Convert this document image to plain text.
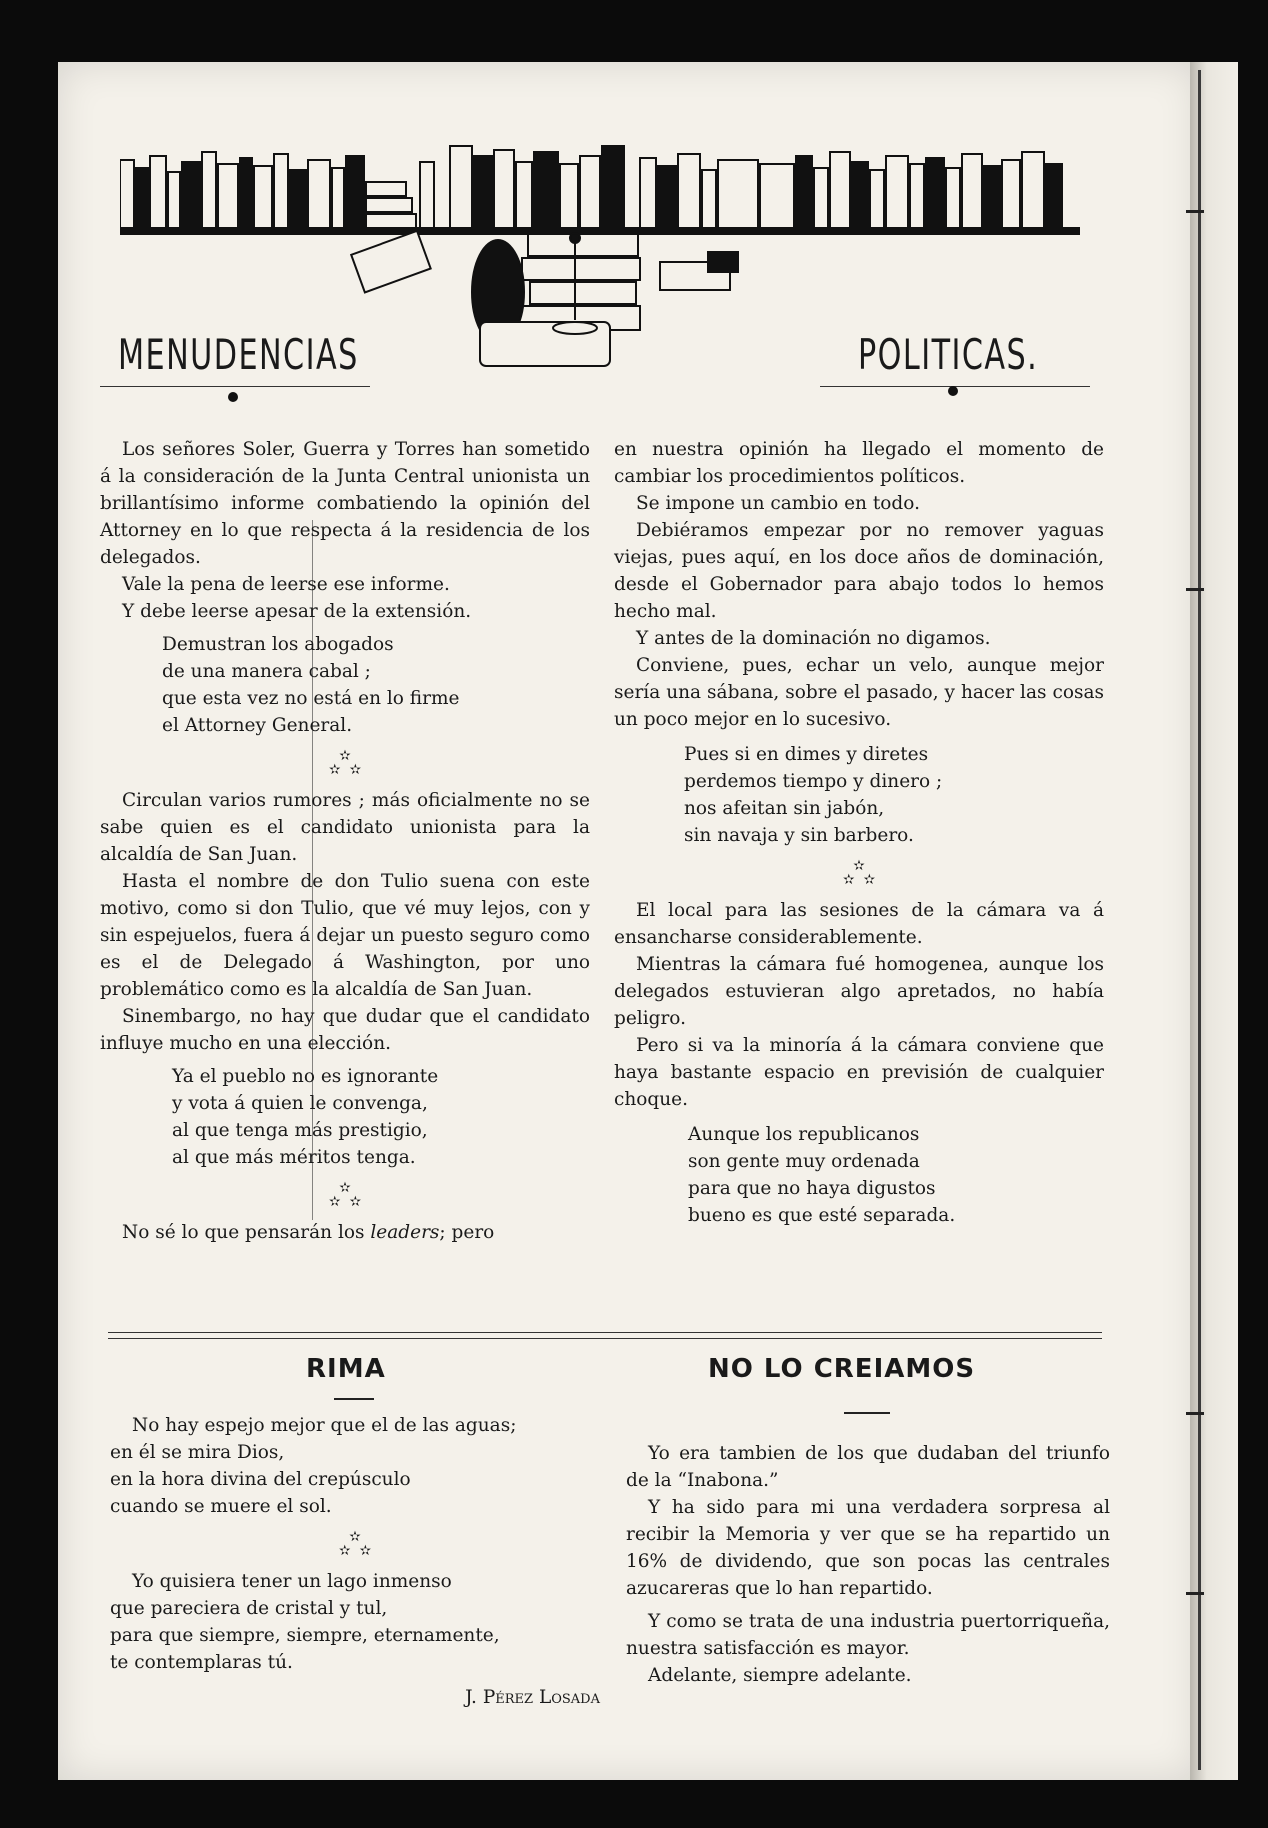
MENUDENCIAS	POLITICAS.

Los señores Soler, Guerra y Torres han sometido á la consideración de la Junta Central unionista un brillantísimo informe combatiendo la opinión del Attorney en lo que respecta á la residencia de los delegados.

Vale la pena de leerse ese informe.

Y debe leerse apesar de la extensión.

Demustran los abogados
de una manera cabal ;
que esta vez no está en lo firme
el Attorney General.
✫
✫ ✫

Circulan varios rumores ; más oficialmente no se sabe quien es el candidato unionista para la alcaldía de San Juan.

Hasta el nombre de don Tulio suena con este motivo, como si don Tulio, que vé muy lejos, con y sin espejuelos, fuera á dejar un puesto seguro como es el de Delegado á Washington, por uno problemático como es la alcaldía de San Juan.

Sinembargo, no hay que dudar que el candidato influye mucho en una elección.

Ya el pueblo no es ignorante
y vota á quien le convenga,
al que tenga más prestigio,
al que más méritos tenga.
✫
✫ ✫

No sé lo que pensarán los leaders; pero

en nuestra opinión ha llegado el momento de cambiar los procedimientos políticos.

Se impone un cambio en todo.

Debiéramos empezar por no remover yaguas viejas, pues aquí, en los doce años de dominación, desde el Gobernador para abajo todos lo hemos hecho mal.

Y antes de la dominación no digamos.

Conviene, pues, echar un velo, aunque mejor sería una sábana, sobre el pasado, y hacer las cosas un poco mejor en lo sucesivo.

Pues si en dimes y diretes
perdemos tiempo y dinero ;
nos afeitan sin jabón,
sin navaja y sin barbero.
✫
✫ ✫

El local para las sesiones de la cámara va á ensancharse considerablemente.

Mientras la cámara fué homogenea, aunque los delegados estuvieran algo apretados, no había peligro.

Pero si va la minoría á la cámara conviene que haya bastante espacio en previsión de cualquier choque.

Aunque los republicanos
son gente muy ordenada
para que no haya digustos
bueno es que esté separada.
RIMA
No hay espejo mejor que el de las aguas;
en él se mira Dios,
en la hora divina del crepúsculo
cuando se muere el sol.
✫
✫ ✫
Yo quisiera tener un lago inmenso
que pareciera de cristal y tul,
para que siempre, siempre, eternamente,
te contemplaras tú.
J. Pérez Losada
NO LO CREIAMOS

Yo era tambien de los que dudaban del triunfo de la “Inabona.”

Y ha sido para mi una verdadera sorpresa al recibir la Memoria y ver que se ha repartido un 16% de dividendo, que son pocas las centrales azucareras que lo han repartido.

Y como se trata de una industria puertorriqueña, nuestra satisfacción es mayor.

Adelante, siempre adelante.
